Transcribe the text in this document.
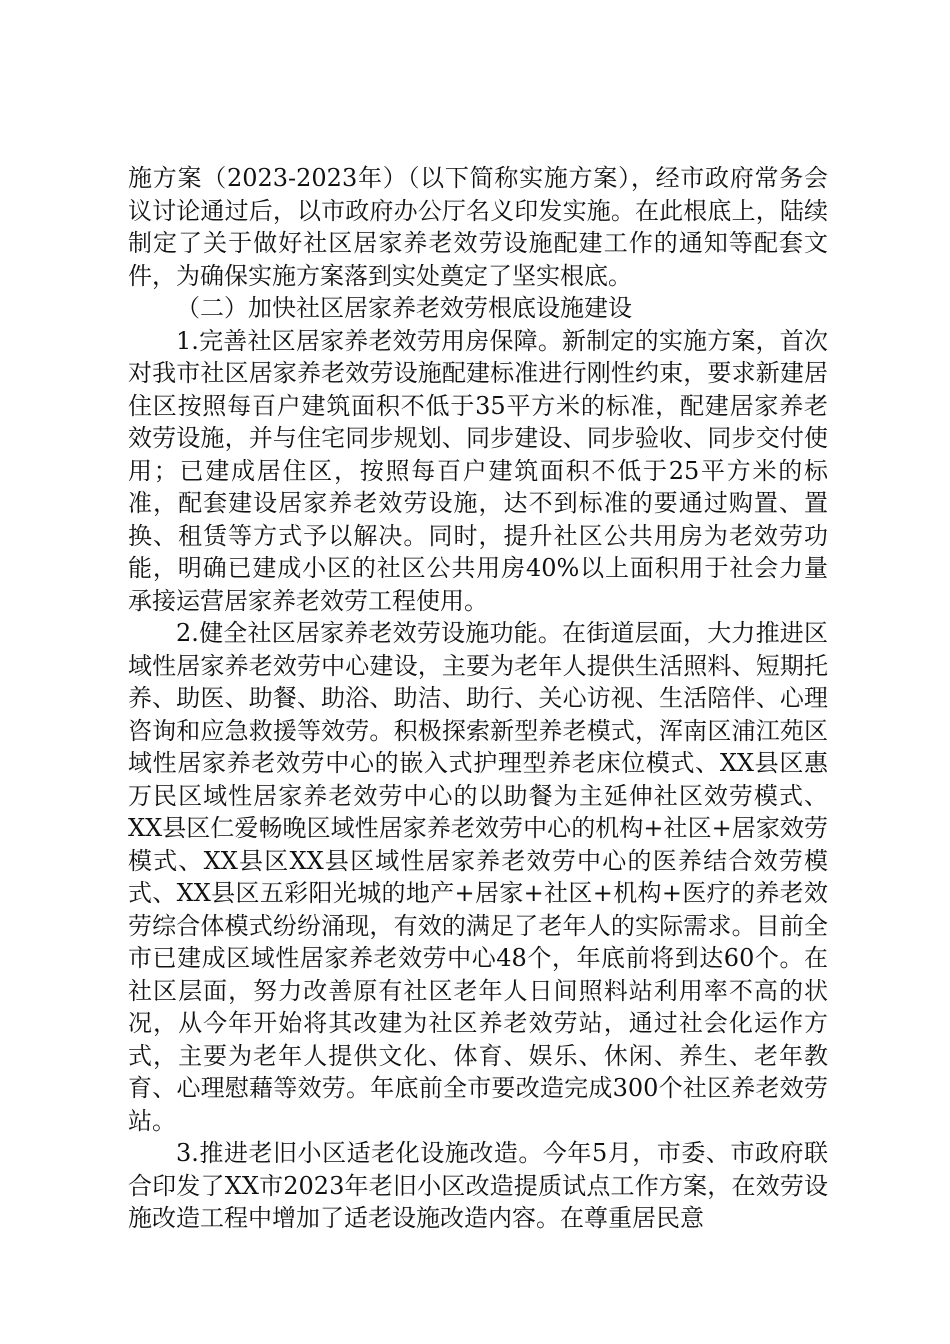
施方案（2023-2023年）（以下简称实施方案），经市政府常务会议讨论通过后，以市政府办公厅名义印发实施。在此根底上，陆续制定了关于做好社区居家养老效劳设施配建工作的通知等配套文件，为确保实施方案落到实处奠定了坚实根底。

（二）加快社区居家养老效劳根底设施建设

1.完善社区居家养老效劳用房保障。新制定的实施方案，首次对我市社区居家养老效劳设施配建标准进行刚性约束，要求新建居住区按照每百户建筑面积不低于35平方米的标准，配建居家养老效劳设施，并与住宅同步规划、同步建设、同步验收、同步交付使用；已建成居住区，按照每百户建筑面积不低于25平方米的标准，配套建设居家养老效劳设施，达不到标准的要通过购置、置换、租赁等方式予以解决。同时，提升社区公共用房为老效劳功能，明确已建成小区的社区公共用房40%以上面积用于社会力量承接运营居家养老效劳工程使用。

2.健全社区居家养老效劳设施功能。在街道层面，大力推进区域性居家养老效劳中心建设，主要为老年人提供生活照料、短期托养、助医、助餐、助浴、助洁、助行、关心访视、生活陪伴、心理咨询和应急救援等效劳。积极探索新型养老模式，浑南区浦江苑区域性居家养老效劳中心的嵌入式护理型养老床位模式、XX县区惠万民区域性居家养老效劳中心的以助餐为主延伸社区效劳模式、XX县区仁爱畅晚区域性居家养老效劳中心的机构+社区+居家效劳模式、XX县区XX县区域性居家养老效劳中心的医养结合效劳模式、XX县区五彩阳光城的地产+居家+社区+机构+医疗的养老效劳综合体模式纷纷涌现，有效的满足了老年人的实际需求。目前全市已建成区域性居家养老效劳中心48个，年底前将到达60个。在社区层面，努力改善原有社区老年人日间照料站利用率不高的状况，从今年开始将其改建为社区养老效劳站，通过社会化运作方式，主要为老年人提供文化、体育、娱乐、休闲、养生、老年教育、心理慰藉等效劳。年底前全市要改造完成300个社区养老效劳站。

3.推进老旧小区适老化设施改造。今年5月，市委、市政府联合印发了XX市2023年老旧小区改造提质试点工作方案，在效劳设施改造工程中增加了适老设施改造内容。在尊重居民意
